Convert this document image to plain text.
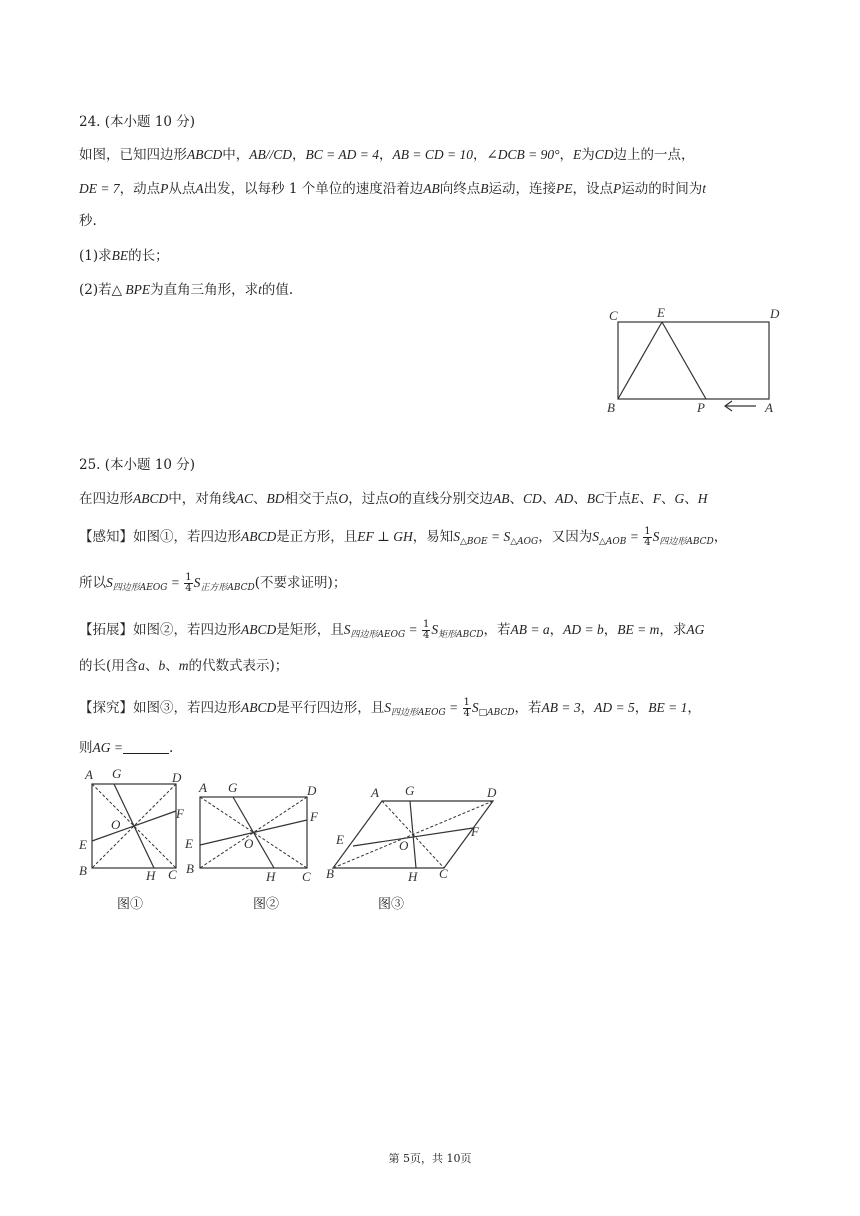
24. (本小题 10 分)
如图，已知四边形ABCD中，AB//CD，BC = AD = 4，AB = CD = 10，∠DCB = 90°，E为CD边上的一点，
DE = 7，动点P从点A出发，以每秒 1 个单位的速度沿着边AB向终点B运动，连接PE，设点P运动的时间为t
秒.
(1)求BE的长；
(2)若△ BPE为直角三角形，求t的值.
C	E	D
B	P	A
25. (本小题 10 分)
在四边形ABCD中，对角线AC、BD相交于点O，过点O的直线分别交边AB、CD、AD、BC于点E、F、G、H
【感知】如图①，若四边形ABCD是正方形，且EF ⊥ GH，易知$S_{\triangle BOE} = S_{\triangle AOG}$，又因为$S_{\triangle AOB} = \frac{1}{4} S_{四边形ABCD}$，
所以$S_{四边形AEOG} = \frac{1}{4} S_{正方形ABCD}$(不要求证明)；
【拓展】如图②，若四边形ABCD是矩形，且$S_{四边形AEOG} = \frac{1}{4} S_{矩形ABCD}$，若AB = a，AD = b，BE = m，求AG
的长(用含a、b、m的代数式表示)；
【探究】如图③，若四边形ABCD是平行四边形，且$S_{四边形AEOG} = \frac{1}{4} S_{□ABCD}$，若AB = 3，AD = 5，BE = 1，
则AG =	.
A G	D
F
O
E
B	H C
图①
A G	D
F
O
E
B
H C
图②
A G	D
F
O
E
B	H C
图③
第 5页，共 10页
